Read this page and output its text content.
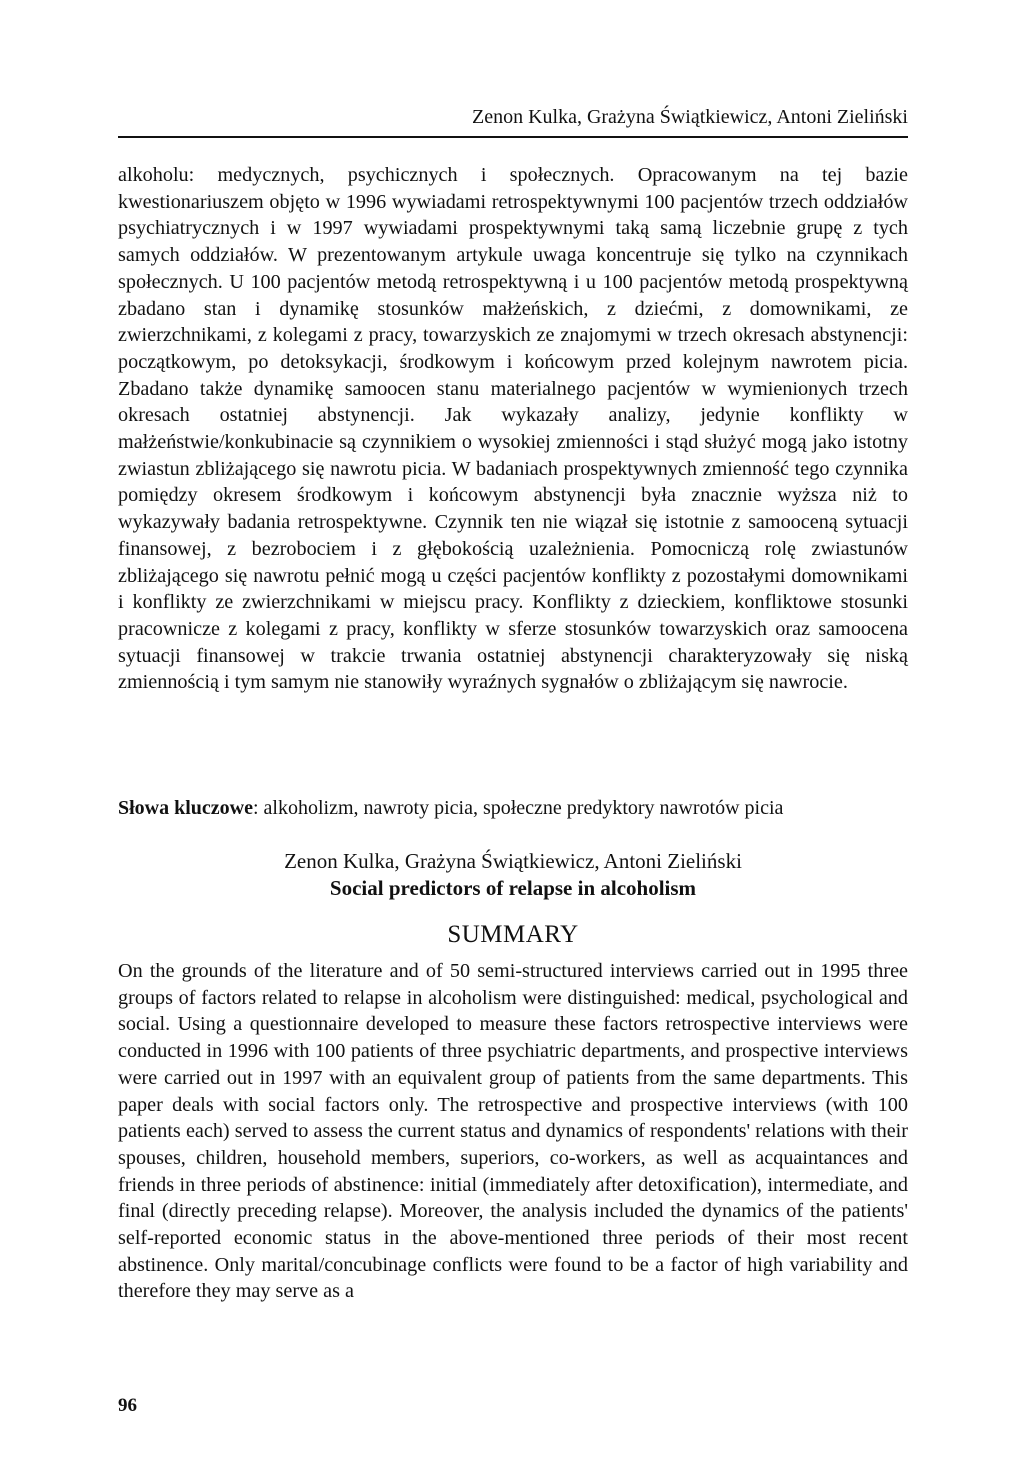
Zenon Kulka, Grażyna Świątkiewicz, Antoni Zieliński

alkoholu: medycznych, psychicznych i społecznych. Opracowanym na tej bazie kwestionariuszem objęto w 1996 wywiadami retrospektywnymi 100 pacjentów trzech oddziałów psychiatrycznych i w 1997 wywiadami prospektywnymi taką samą liczebnie grupę z tych samych oddziałów. W prezentowanym artykule uwaga koncentruje się tylko na czynnikach społecznych. U 100 pacjentów metodą retrospektywną i u 100 pacjentów metodą prospektywną zbadano stan i dynamikę stosunków małżeńskich, z dziećmi, z domownikami, ze zwierzchnikami, z kolegami z pracy, towarzyskich ze znajomymi w trzech okresach abstynencji: początkowym, po detoksykacji, środkowym i końcowym przed kolejnym nawrotem picia. Zbadano także dynamikę samoocen stanu materialnego pacjentów w wymienionych trzech okresach ostatniej abstynencji. Jak wykazały analizy, jedynie konflikty w małżeństwie/konkubinacie są czynnikiem o wysokiej zmienności i stąd służyć mogą jako istotny zwiastun zbliżającego się nawrotu picia. W badaniach prospektywnych zmienność tego czynnika pomiędzy okresem środkowym i końcowym abstynencji była znacznie wyższa niż to wykazywały badania retrospektywne. Czynnik ten nie wiązał się istotnie z samooceną sytuacji finansowej, z bezrobociem i z głębokością uzależnienia. Pomocniczą rolę zwiastunów zbliżającego się nawrotu pełnić mogą u części pacjentów konflikty z pozostałymi domownikami i konflikty ze zwierzchnikami w miejscu pracy. Konflikty z dzieckiem, konfliktowe stosunki pracownicze z kolegami z pracy, konflikty w sferze stosunków towarzyskich oraz samoocena sytuacji finansowej w trakcie trwania ostatniej abstynencji charakteryzowały się niską zmiennością i tym samym nie stanowiły wyraźnych sygnałów o zbliżającym się nawrocie.

Słowa kluczowe: alkoholizm, nawroty picia, społeczne predyktory nawrotów picia
Zenon Kulka, Grażyna Świątkiewicz, Antoni Zieliński
Social predictors of relapse in alcoholism
SUMMARY

On the grounds of the literature and of 50 semi-structured interviews carried out in 1995 three groups of factors related to relapse in alcoholism were distinguished: medical, psychological and social. Using a questionnaire developed to measure these factors retrospective interviews were conducted in 1996 with 100 patients of three psychiatric departments, and prospective interviews were carried out in 1997 with an equivalent group of patients from the same departments. This paper deals with social factors only. The retrospective and prospective interviews (with 100 patients each) served to assess the current status and dynamics of respondents' relations with their spouses, children, household members, superiors, co-workers, as well as acquaintances and friends in three periods of abstinence: initial (immediately after detoxification), intermediate, and final (directly preceding relapse). Moreover, the analysis included the dynamics of the patients' self-reported economic status in the above-mentioned three periods of their most recent abstinence. Only marital/concubinage conflicts were found to be a factor of high variability and therefore they may serve as a

96
